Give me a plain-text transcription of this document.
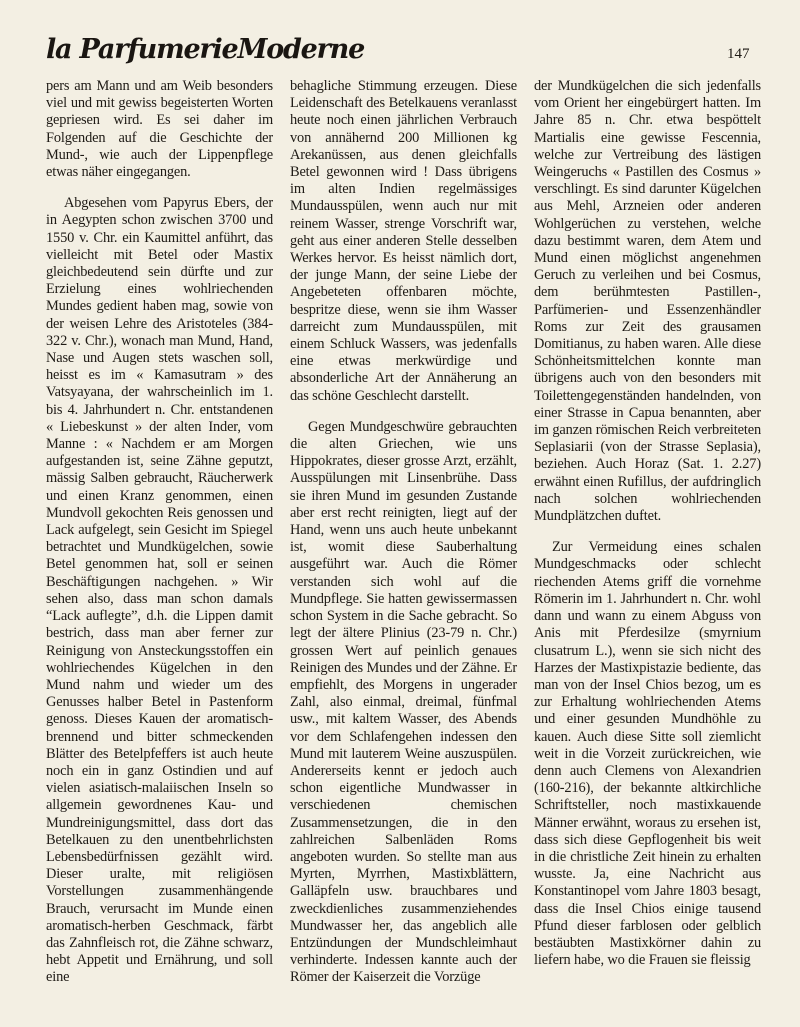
la ParfumerieModerne	147

pers am Mann und am Weib besonders viel und mit gewiss begeisterten Worten gepriesen wird. Es sei daher im Folgenden auf die Geschichte der Mund-, wie auch der Lippenpflege etwas näher eingegangen.

Abgesehen vom Papyrus Ebers, der in Aegypten schon zwischen 3700 und 1550 v. Chr. ein Kaumittel anführt, das vielleicht mit Betel oder Mastix gleichbedeutend sein dürfte und zur Erzielung eines wohlriechenden Mundes gedient haben mag, sowie von der weisen Lehre des Aristoteles (384-322 v. Chr.), wonach man Mund, Hand, Nase und Augen stets waschen soll, heisst es im « Kamasutram » des Vatsyayana, der wahrscheinlich im 1. bis 4. Jahrhundert n. Chr. entstandenen « Liebeskunst » der alten Inder, vom Manne : « Nachdem er am Morgen aufgestanden ist, seine Zähne geputzt, mässig Salben gebraucht, Räucherwerk und einen Kranz genommen, einen Mundvoll gekochten Reis genossen und Lack aufgelegt, sein Gesicht im Spiegel betrachtet und Mundkügelchen, sowie Betel genommen hat, soll er seinen Beschäftigungen nachgehen. » Wir sehen also, dass man schon damals “Lack auflegte”, d.h. die Lippen damit bestrich, dass man aber ferner zur Reinigung von Ansteckungsstoffen ein wohlriechendes Kügelchen in den Mund nahm und wieder um des Genusses halber Betel in Pastenform genoss. Dieses Kauen der aromatisch-brennend und bitter schmeckenden Blätter des Betelpfeffers ist auch heute noch ein in ganz Ostindien und auf vielen asiatisch-malaiischen Inseln so allgemein gewordnenes Kau- und Mundreinigungsmittel, dass dort das Betelkauen zu den unentbehrlichsten Lebensbedürfnissen gezählt wird. Dieser uralte, mit religiösen Vorstellungen zusammenhängende Brauch, verursacht im Munde einen aromatisch-herben Geschmack, färbt das Zahnfleisch rot, die Zähne schwarz, hebt Appetit und Ernährung, und soll eine

behagliche Stimmung erzeugen. Diese Leidenschaft des Betelkauens veranlasst heute noch einen jährlichen Verbrauch von annähernd 200 Millionen kg Arekanüssen, aus denen gleichfalls Betel gewonnen wird ! Dass übrigens im alten Indien regelmässiges Mundausspülen, wenn auch nur mit reinem Wasser, strenge Vorschrift war, geht aus einer anderen Stelle desselben Werkes hervor. Es heisst nämlich dort, der junge Mann, der seine Liebe der Angebeteten offenbaren möchte, bespritze diese, wenn sie ihm Wasser darreicht zum Mundausspülen, mit einem Schluck Wassers, was jedenfalls eine etwas merkwürdige und absonderliche Art der Annäherung an das schöne Geschlecht darstellt.

Gegen Mundgeschwüre gebrauchten die alten Griechen, wie uns Hippokrates, dieser grosse Arzt, erzählt, Ausspülungen mit Linsenbrühe. Dass sie ihren Mund im gesunden Zustande aber erst recht reinigten, liegt auf der Hand, wenn uns auch heute unbekannt ist, womit diese Sauberhaltung ausgeführt war. Auch die Römer verstanden sich wohl auf die Mundpflege. Sie hatten gewissermassen schon System in die Sache gebracht. So legt der ältere Plinius (23-79 n. Chr.) grossen Wert auf peinlich genaues Reinigen des Mundes und der Zähne. Er empfiehlt, des Morgens in ungerader Zahl, also einmal, dreimal, fünfmal usw., mit kaltem Wasser, des Abends vor dem Schlafengehen indessen den Mund mit lauterem Weine auszuspülen. Andererseits kennt er jedoch auch schon eigentliche Mundwasser in verschiedenen chemischen Zusammensetzungen, die in den zahlreichen Salbenläden Roms angeboten wurden. So stellte man aus Myrten, Myrrhen, Mastixblättern, Galläpfeln usw. brauchbares und zweckdienliches zusammenziehendes Mundwasser her, das angeblich alle Entzündungen der Mundschleimhaut verhinderte. Indessen kannte auch der Römer der Kaiserzeit die Vorzüge

der Mundkügelchen die sich jedenfalls vom Orient her eingebürgert hatten. Im Jahre 85 n. Chr. etwa bespöttelt Martialis eine gewisse Fescennia, welche zur Vertreibung des lästigen Weingeruchs « Pastillen des Cosmus » verschlingt. Es sind darunter Kügelchen aus Mehl, Arzneien oder anderen Wohlgerüchen zu verstehen, welche dazu bestimmt waren, dem Atem und Mund einen möglichst angenehmen Geruch zu verleihen und bei Cosmus, dem berühmtesten Pastillen-, Parfümerien- und Essenzenhändler Roms zur Zeit des grausamen Domitianus, zu haben waren. Alle diese Schönheitsmittelchen konnte man übrigens auch von den besonders mit Toilettengegenständen handelnden, von einer Strasse in Capua benannten, aber im ganzen römischen Reich verbreiteten Seplasiarii (von der Strasse Seplasia), beziehen. Auch Horaz (Sat. 1. 2.27) erwähnt einen Rufillus, der aufdringlich nach solchen wohlriechenden Mundplätzchen duftet.

Zur Vermeidung eines schalen Mundgeschmacks oder schlecht riechenden Atems griff die vornehme Römerin im 1. Jahrhundert n. Chr. wohl dann und wann zu einem Abguss von Anis mit Pferdesilze (smyrnium clusatrum L.), wenn sie sich nicht des Harzes der Mastixpistazie bediente, das man von der Insel Chios bezog, um es zur Erhaltung wohlriechenden Atems und einer gesunden Mundhöhle zu kauen. Auch diese Sitte soll ziemlicht weit in die Vorzeit zurückreichen, wie denn auch Clemens von Alexandrien (160-216), der bekannte altkirchliche Schriftsteller, noch mastixkauende Männer erwähnt, woraus zu ersehen ist, dass sich diese Gepflogenheit bis weit in die christliche Zeit hinein zu erhalten wusste. Ja, eine Nachricht aus Konstantinopel vom Jahre 1803 besagt, dass die Insel Chios einige tausend Pfund dieser farblosen oder gelblich bestäubten Mastixkörner dahin zu liefern habe, wo die Frauen sie fleissig
